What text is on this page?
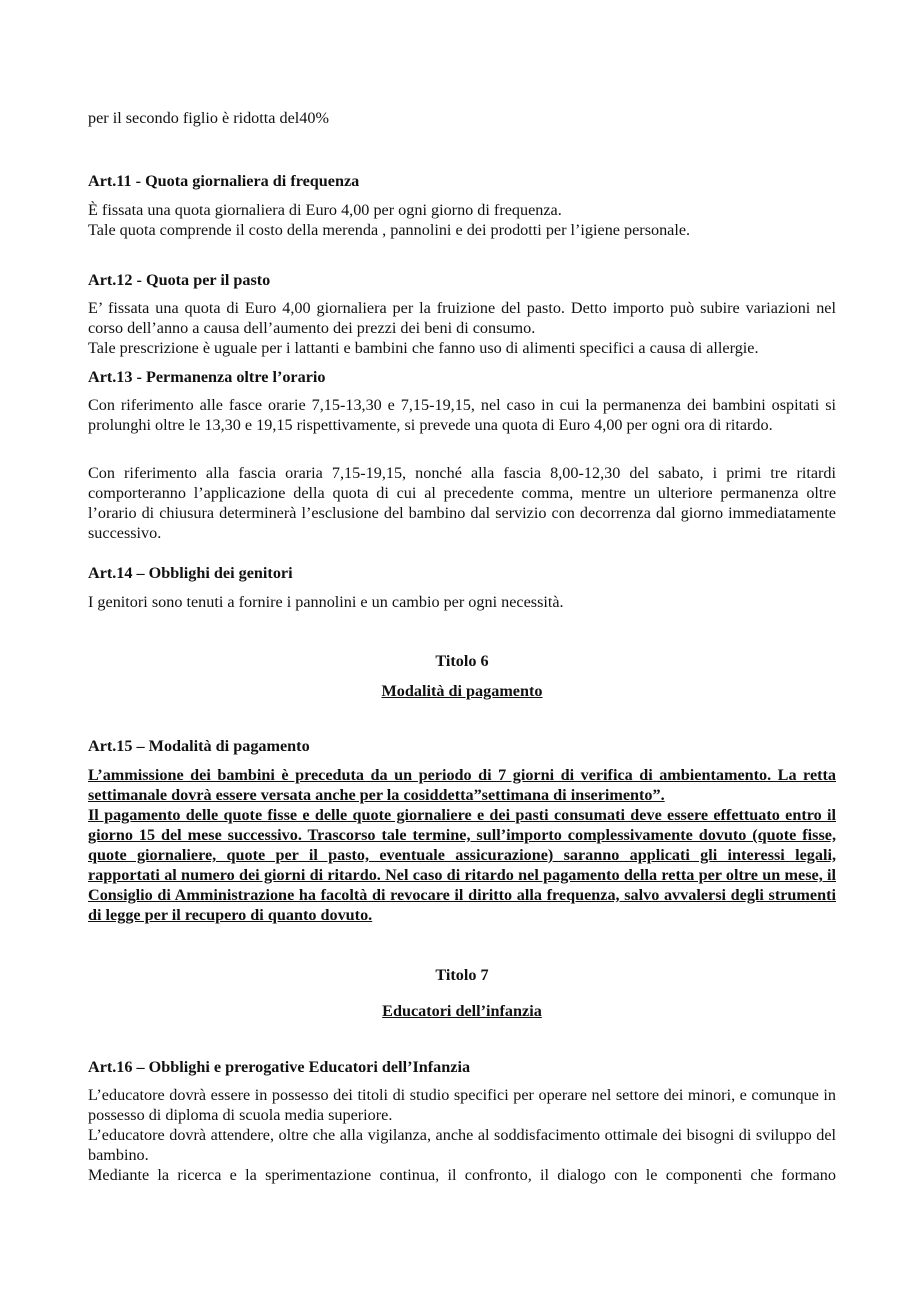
per il secondo figlio è ridotta del40%

Art.11 - Quota giornaliera di frequenza
È fissata una quota giornaliera di Euro 4,00 per ogni giorno di frequenza.
Tale quota comprende il costo della merenda , pannolini e dei prodotti per l’igiene personale.
Art.12 - Quota per il pasto

E’ fissata una quota di Euro 4,00 giornaliera per la fruizione del pasto. Detto importo può subire variazioni nel corso dell’anno a causa dell’aumento dei prezzi dei beni di consumo.

Tale prescrizione è uguale per i lattanti e bambini che fanno uso di alimenti specifici a causa di allergie.
Art.13 - Permanenza oltre l’orario

Con riferimento alle fasce orarie 7,15-13,30 e 7,15-19,15, nel caso in cui la permanenza dei bambini ospitati si prolunghi oltre le 13,30 e 19,15 rispettivamente, si prevede una quota di Euro 4,00 per ogni ora di ritardo.

Con riferimento alla fascia oraria 7,15-19,15, nonché alla fascia 8,00-12,30 del sabato, i primi tre ritardi comporteranno l’applicazione della quota di cui al precedente comma, mentre un ulteriore permanenza oltre l’orario di chiusura determinerà l’esclusione del bambino dal servizio con decorrenza dal giorno immediatamente successivo.

Art.14 – Obblighi dei genitori
I genitori sono tenuti a fornire i pannolini e un cambio per ogni necessità.
Titolo 6
Modalità di pagamento
Art.15 – Modalità di pagamento

L’ammissione dei bambini è preceduta da un periodo di 7 giorni di verifica di ambientamento. La retta settimanale dovrà essere versata anche per la cosiddetta”settimana di inserimento”.

Il pagamento delle quote fisse e delle quote giornaliere e dei pasti consumati deve essere effettuato entro il giorno 15 del mese successivo. Trascorso tale termine, sull’importo complessivamente dovuto (quote fisse, quote giornaliere, quote per il pasto, eventuale assicurazione) saranno applicati gli interessi legali, rapportati al numero dei giorni di ritardo. Nel caso di ritardo nel pagamento della retta per oltre un mese, il Consiglio di Amministrazione ha facoltà di revocare il diritto alla frequenza, salvo avvalersi degli strumenti di legge per il recupero di quanto dovuto.

Titolo 7
Educatori dell’infanzia
Art.16 – Obblighi e prerogative Educatori dell’Infanzia

L’educatore dovrà essere in possesso dei titoli di studio specifici per operare nel settore dei minori, e comunque in possesso di diploma di scuola media superiore.

L’educatore dovrà attendere, oltre che alla vigilanza, anche al soddisfacimento ottimale dei bisogni di sviluppo del bambino.

Mediante la ricerca e la sperimentazione continua, il confronto, il dialogo con le componenti che formano
